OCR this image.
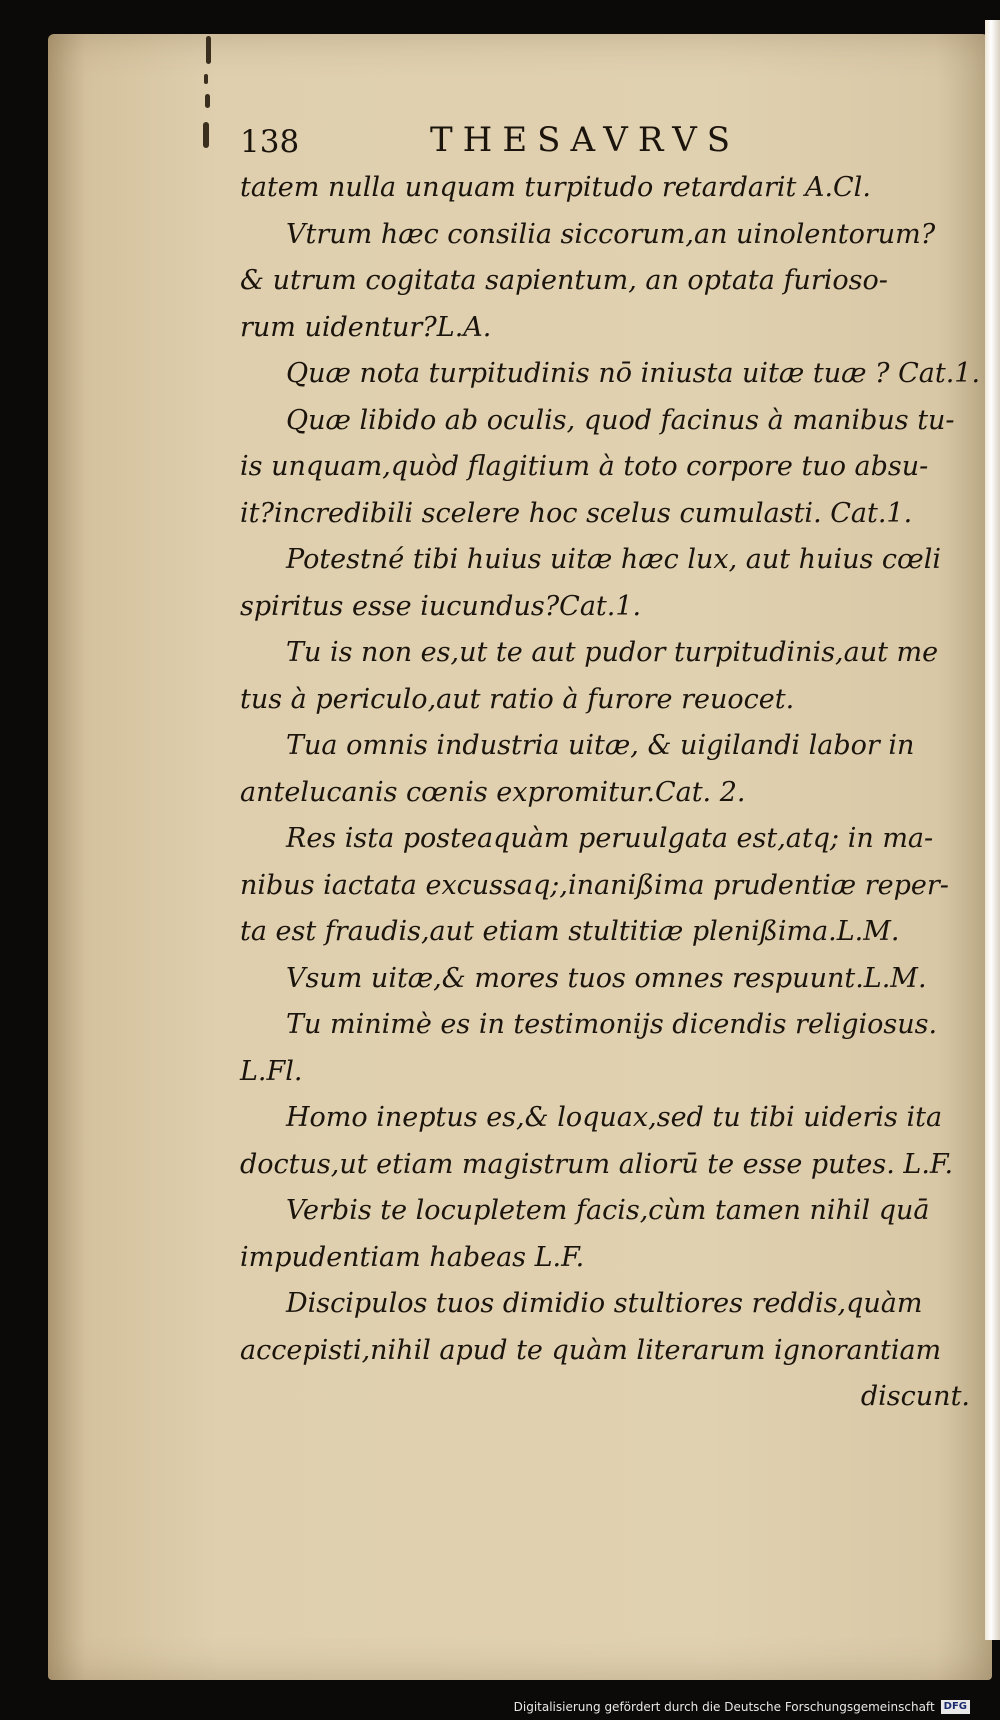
138	THESAVRVS
tatem nulla unquam turpitudo retardarit A.Cl.
Vtrum hæc consilia siccorum,an uinolentorum?
& utrum cogitata sapientum, an optata furioso-
rum uidentur?L.A.
Quæ nota turpitudinis nō iniusta uitæ tuæ ? Cat.1.
Quæ libido ab oculis, quod facinus à manibus tu-
is unquam,quòd flagitium à toto corpore tuo absu-
it?incredibili scelere hoc scelus cumulasti. Cat.1.
Potestné tibi huius uitæ hæc lux, aut huius cœli
spiritus esse iucundus?Cat.1.
Tu is non es,ut te aut pudor turpitudinis,aut me
tus à periculo,aut ratio à furore reuocet.
Tua omnis industria uitæ, & uigilandi labor in
antelucanis cœnis expromitur.Cat. 2.
Res ista posteaquàm peruulgata est,atq; in ma-
nibus iactata excussaq;,inanißima prudentiæ reper-
ta est fraudis,aut etiam stultitiæ plenißima.L.M.
Vsum uitæ,& mores tuos omnes respuunt.L.M.
Tu minimè es in testimonijs dicendis religiosus.
L.Fl.
Homo ineptus es,& loquax,sed tu tibi uideris ita
doctus,ut etiam magistrum aliorū te esse putes. L.F.
Verbis te locupletem facis,cùm tamen nihil quā
impudentiam habeas L.F.
Discipulos tuos dimidio stultiores reddis,quàm
accepisti,nihil apud te quàm literarum ignorantiam
discunt.
Digitalisierung gefördert durch die Deutsche Forschungsgemeinschaft DFG
